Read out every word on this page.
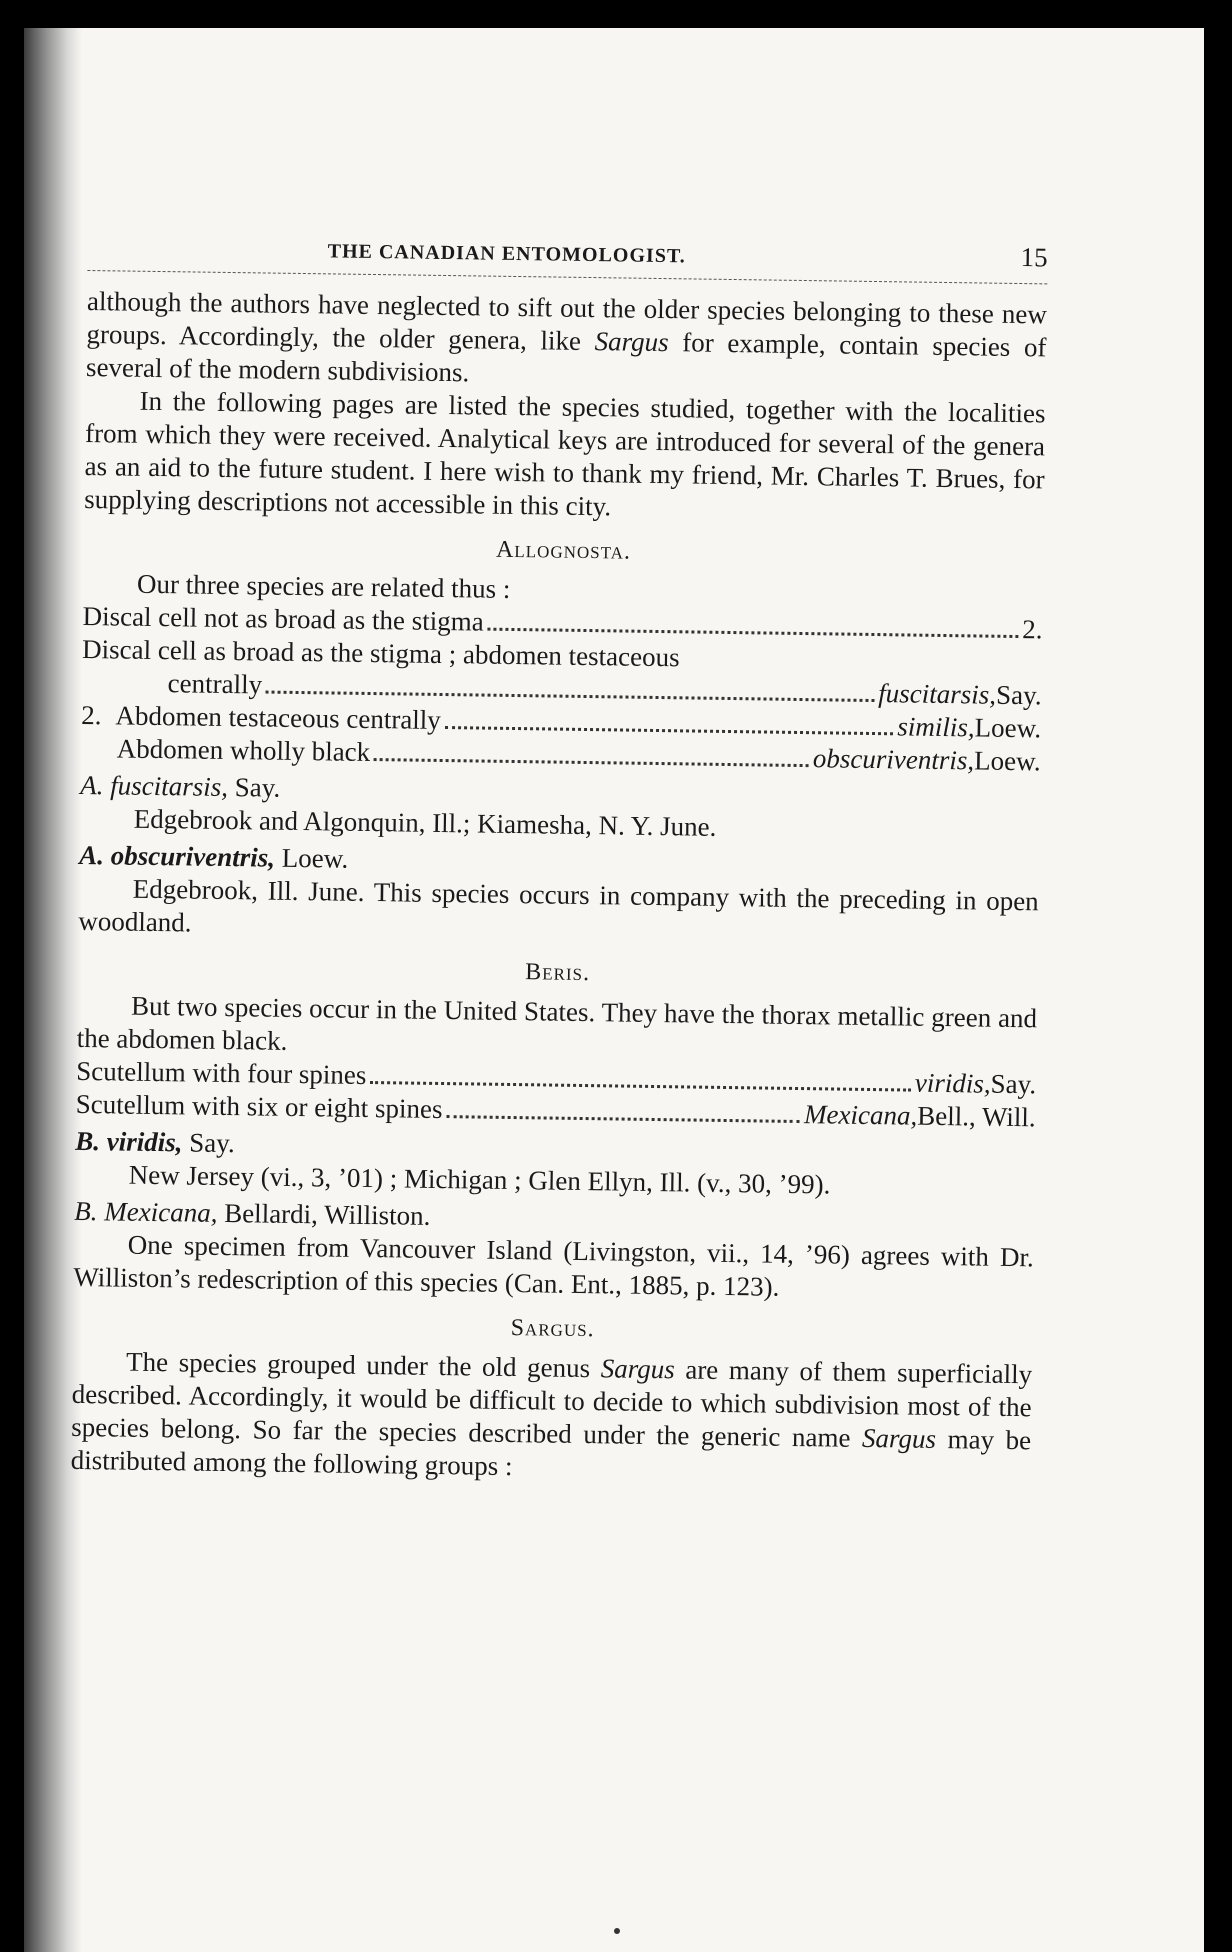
THE CANADIAN ENTOMOLOGIST.	15

although the authors have neglected to sift out the older species belonging to these new groups. Accordingly, the older genera, like Sargus for example, contain species of several of the modern subdivisions.

In the following pages are listed the species studied, together with the localities from which they were received. Analytical keys are introduced for several of the genera as an aid to the future student. I here wish to thank my friend, Mr. Charles T. Brues, for supplying descriptions not accessible in this city.

Allognosta.

Our three species are related thus :

Discal cell not as broad as the stigma	2.
Discal cell as broad as the stigma ; abdomen testaceous
centrally	fuscitarsis, Say.
2. Abdomen testaceous centrally	similis, Loew.
Abdomen wholly black	obscuriventris, Loew.

A. fuscitarsis, Say.

Edgebrook and Algonquin, Ill.; Kiamesha, N. Y. June.

A. obscuriventris, Loew.

Edgebrook, Ill. June. This species occurs in company with the preceding in open woodland.

Beris.

But two species occur in the United States. They have the thorax metallic green and the abdomen black.

Scutellum with four spines	viridis, Say.
Scutellum with six or eight spines	Mexicana, Bell., Will.

B. viridis, Say.

New Jersey (vi., 3, ’01) ; Michigan ; Glen Ellyn, Ill. (v., 30, ’99).

B. Mexicana, Bellardi, Williston.

One specimen from Vancouver Island (Livingston, vii., 14, ’96) agrees with Dr. Williston’s redescription of this species (Can. Ent., 1885, p. 123).

Sargus.

The species grouped under the old genus Sargus are many of them superficially described. Accordingly, it would be difficult to decide to which subdivision most of the species belong. So far the species described under the generic name Sargus may be distributed among the following groups :
